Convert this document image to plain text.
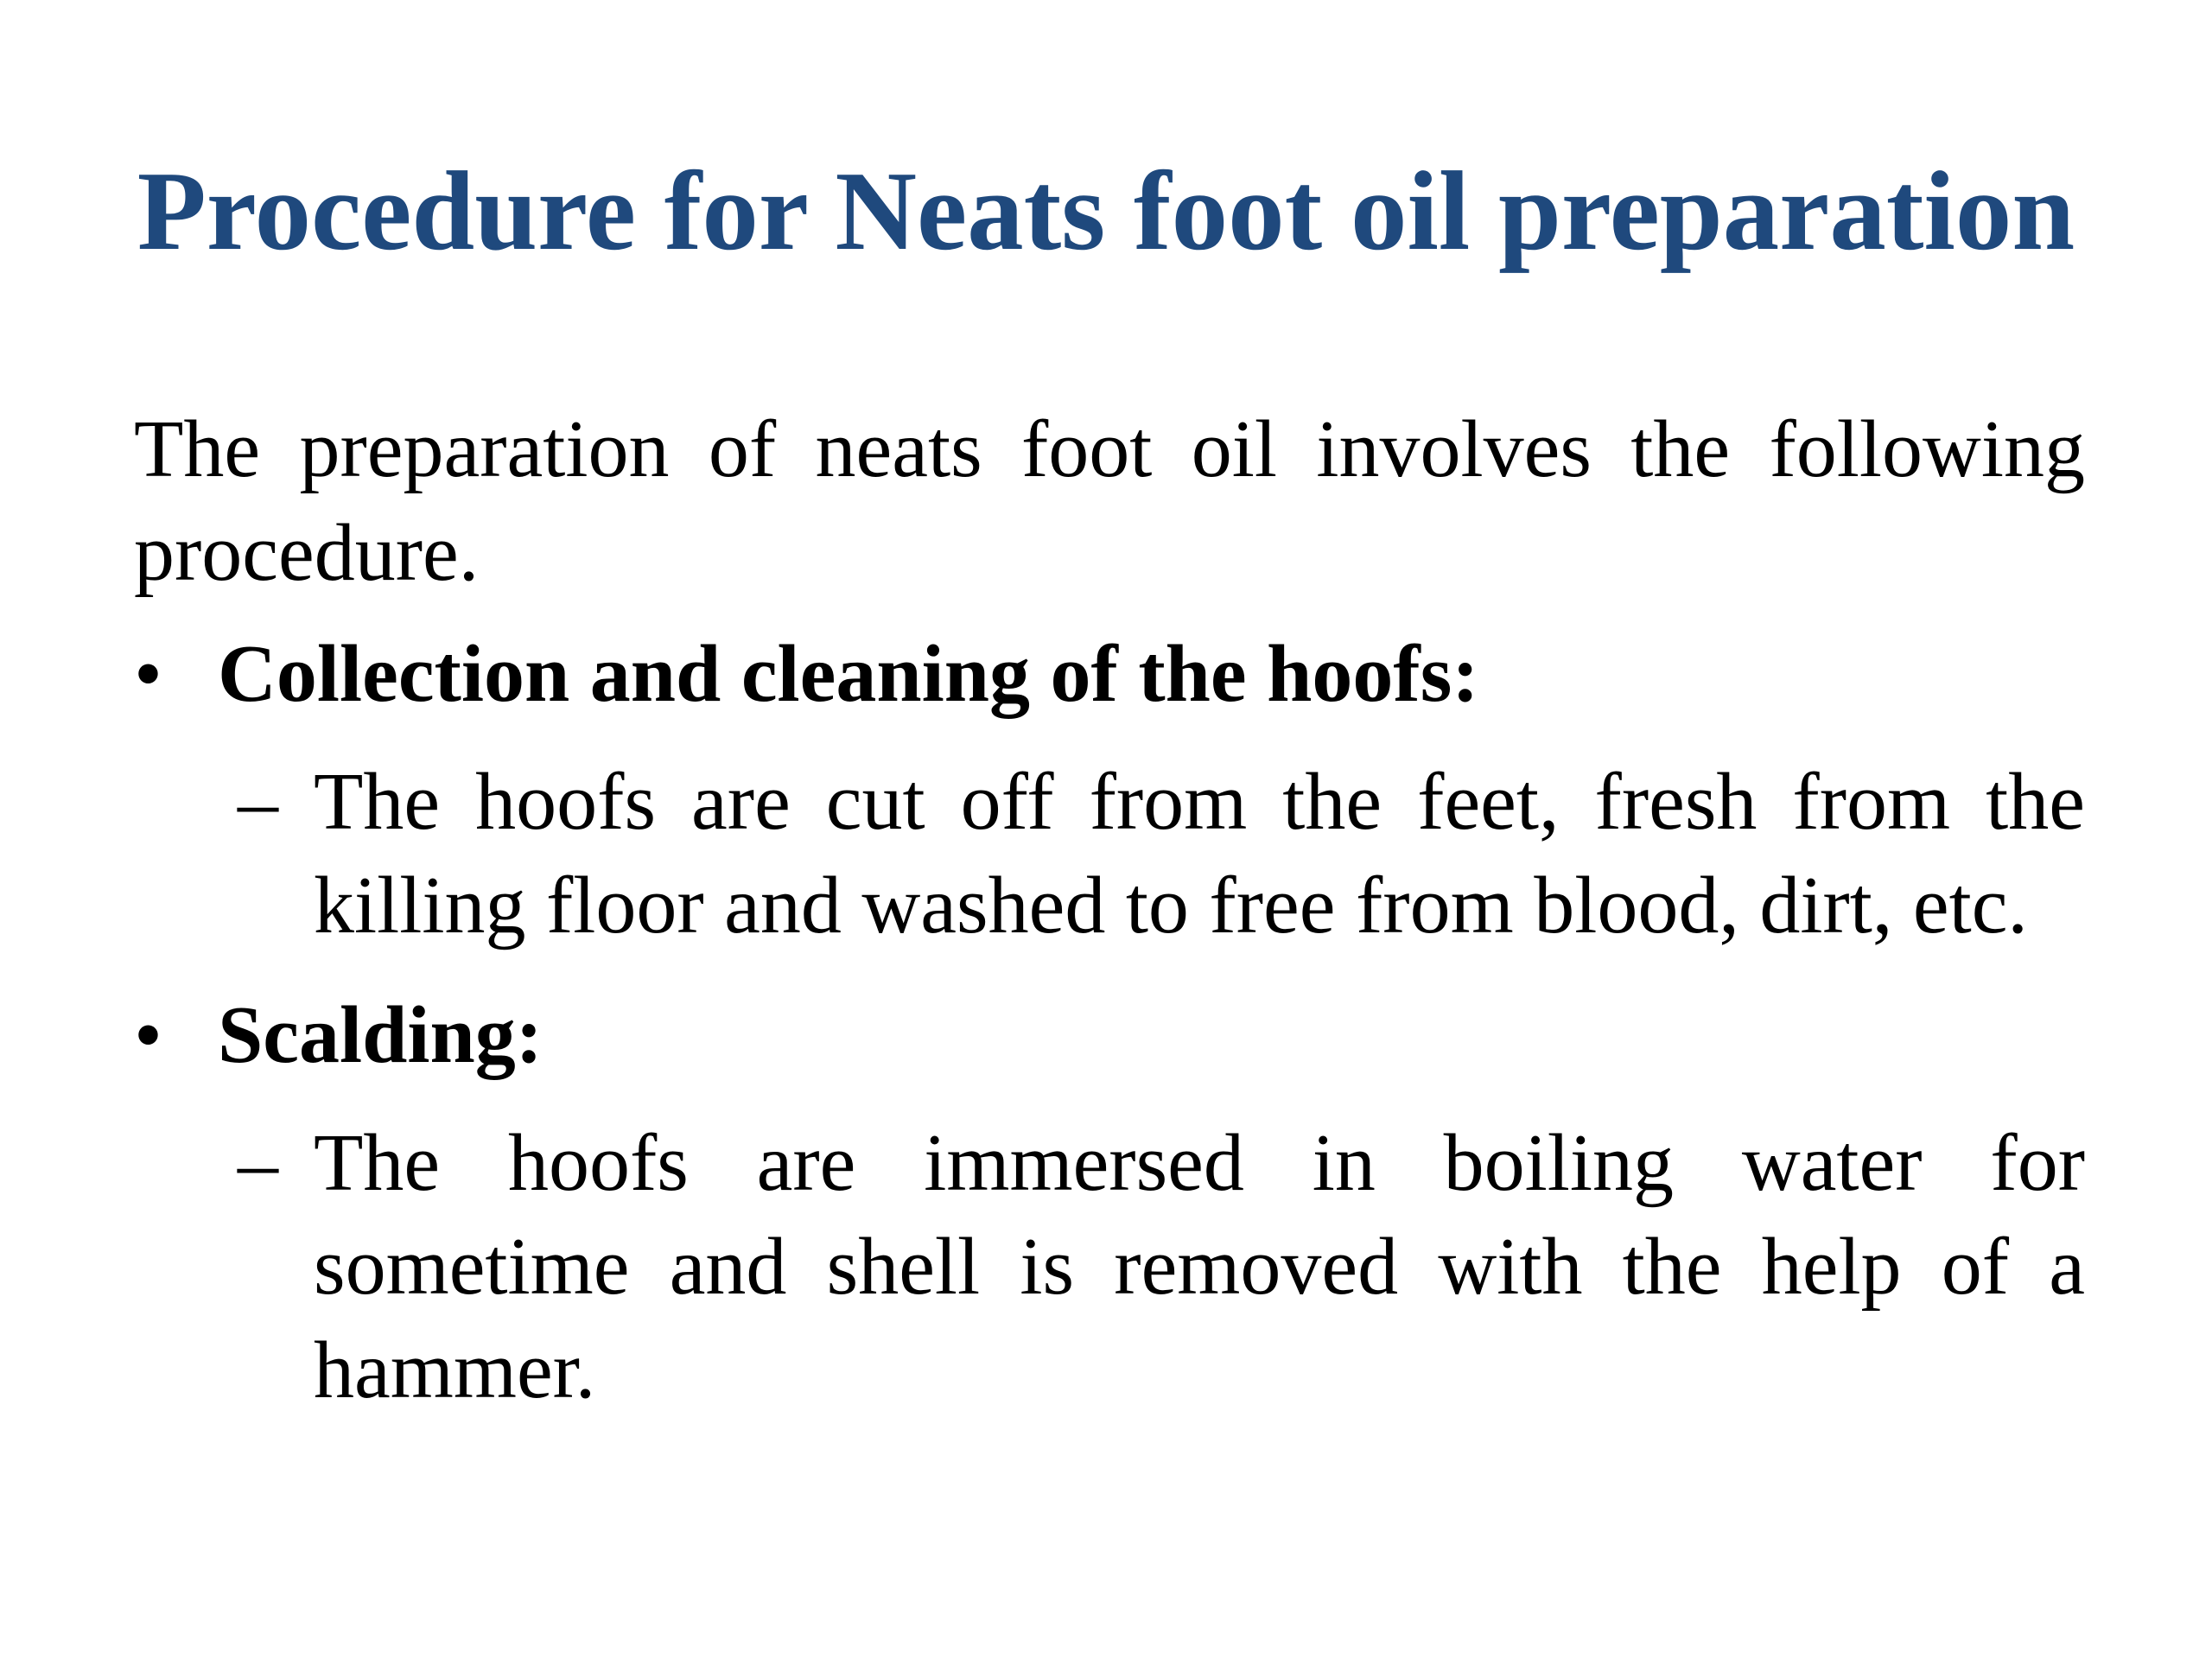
Procedure for Neats foot oil preparation

The preparation of neats foot oil involves the following procedure.

• Collection and cleaning of the hoofs:
– The hoofs are cut off from the feet, fresh from the killing floor and washed to free from blood, dirt, etc.
• Scalding:
– The hoofs are immersed in boiling water for sometime and shell is removed with the help of a hammer.
